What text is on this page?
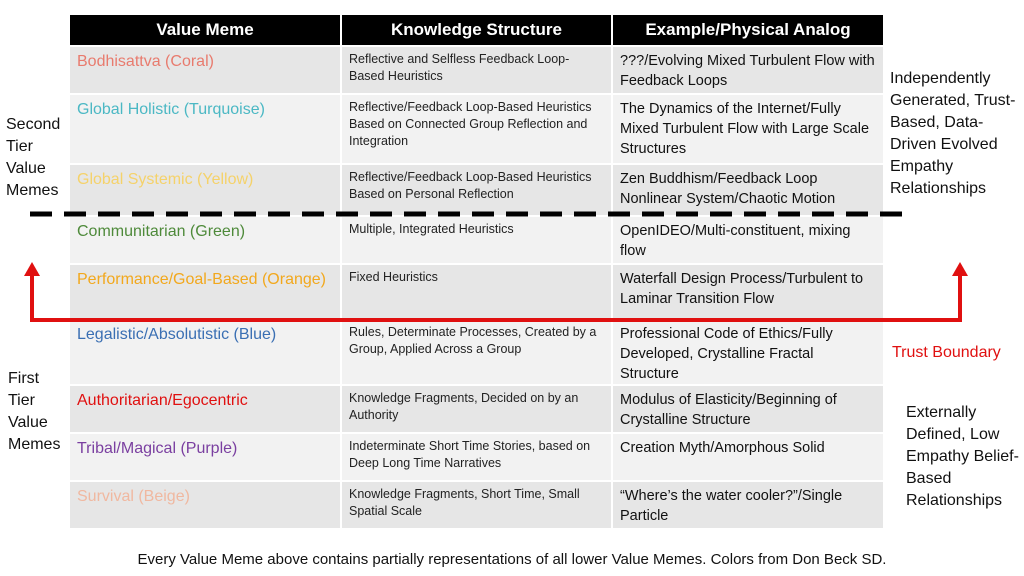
Value Meme	Knowledge Structure	Example/Physical Analog
Bodhisattva (Coral)	Reflective and Selfless Feedback Loop-Based Heuristics	???/Evolving Mixed Turbulent Flow with Feedback Loops
Global Holistic (Turquoise)	Reflective/Feedback Loop-Based Heuristics Based on Connected Group Reflection and Integration	The Dynamics of the Internet/Fully Mixed Turbulent Flow with Large Scale Structures
Global Systemic (Yellow)	Reflective/Feedback Loop-Based Heuristics Based on Personal Reflection	Zen Buddhism/Feedback Loop Nonlinear System/Chaotic Motion
Communitarian (Green)	Multiple, Integrated Heuristics	OpenIDEO/Multi-constituent, mixing flow
Performance/Goal-Based (Orange)	Fixed Heuristics	Waterfall Design Process/Turbulent to Laminar Transition Flow
Legalistic/Absolutistic (Blue)	Rules, Determinate Processes, Created by a Group, Applied Across a Group	Professional Code of Ethics/Fully Developed, Crystalline Fractal Structure
Authoritarian/Egocentric	Knowledge Fragments, Decided on by an Authority	Modulus of Elasticity/Beginning of Crystalline Structure
Tribal/Magical (Purple)	Indeterminate Short Time Stories, based on Deep Long Time Narratives	Creation Myth/Amorphous Solid
Survival (Beige)	Knowledge Fragments, Short Time, Small Spatial Scale	“Where’s the water cooler?”/Single Particle
Second Tier Value Memes
First Tier Value Memes
Independently Generated, Trust-Based, Data-Driven Evolved Empathy Relationships
Trust Boundary
Externally Defined, Low Empathy Belief-Based Relationships
Every Value Meme above contains partially representations of all lower Value Memes. Colors from Don Beck SD.
